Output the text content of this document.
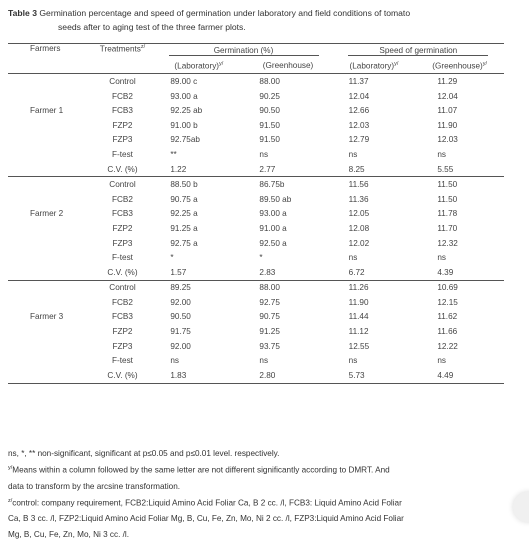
Table 3 Germination percentage and speed of germination under laboratory and field conditions of tomato
seeds after to aging test of the three farmer plots.
Farmers	Treatments$^{z/}$	Germination (%)		Speed of germination	
		(Laboratory)$^{y/}$	(Greenhouse)	(Laboratory)$^{y/}$	(Greenhouse)$^{y/}$
	Control	89.00 c	88.00	11.37	11.29
	FCB2	93.00 a	90.25	12.04	12.04
Farmer 1	FCB3	92.25 ab	90.50	12.66	11.07
	FZP2	91.00 b	91.50	12.03	11.90
	FZP3	92.75ab	91.50	12.79	12.03
	F-test	**	ns	ns	ns
	C.V. (%)	1.22	2.77	8.25	5.55
	Control	88.50 b	86.75b	11.56	11.50
	FCB2	90.75 a	89.50 ab	11.36	11.50
Farmer 2	FCB3	92.25 a	93.00 a	12.05	11.78
	FZP2	91.25 a	91.00 a	12.08	11.70
	FZP3	92.75 a	92.50 a	12.02	12.32
	F-test	*	*	ns	ns
	C.V. (%)	1.57	2.83	6.72	4.39
	Control	89.25	88.00	11.26	10.69
	FCB2	92.00	92.75	11.90	12.15
Farmer 3	FCB3	90.50	90.75	11.44	11.62
	FZP2	91.75	91.25	11.12	11.66
	FZP3	92.00	93.75	12.55	12.22
	F-test	ns	ns	ns	ns
	C.V. (%)	1.83	2.80	5.73	4.49
ns, *, ** non-significant, significant at p≤0.05 and p≤0.01 level. respectively.
$^{y/}$Means within a column followed by the same letter are not different significantly according to DMRT. And
data to transform by the arcsine transformation.
$^{z/}$control: company requirement, FCB2:Liquid Amino Acid Foliar Ca, B 2 cc. /l, FCB3: Liquid Amino Acid Foliar
Ca, B 3 cc. /l, FZP2:Liquid Amino Acid Foliar Mg, B, Cu, Fe, Zn, Mo, Ni 2 cc. /l, FZP3:Liquid Amino Acid Foliar
Mg, B, Cu, Fe, Zn, Mo, Ni 3 cc. /l.
